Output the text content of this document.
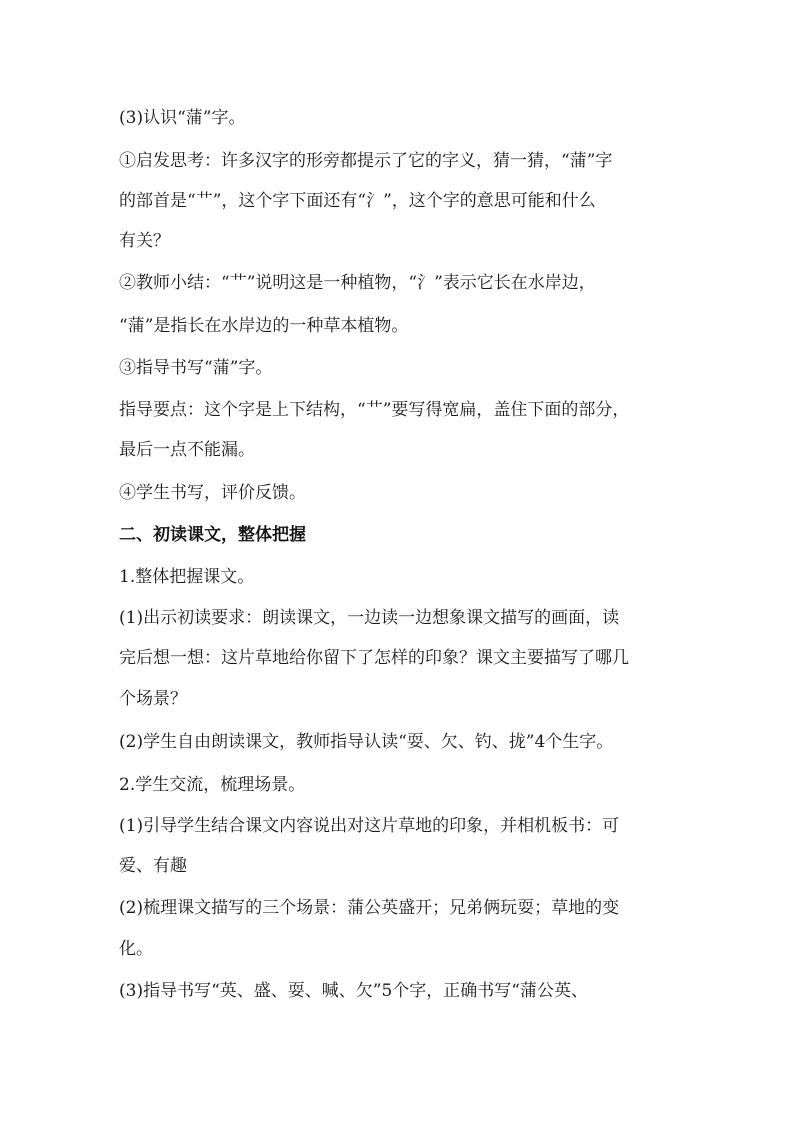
(3)认识“蒲”字。
①启发思考：许多汉字的形旁都提示了它的字义，猜一猜，“蒲”字
的部首是“艹”，这个字下面还有“氵”，这个字的意思可能和什么
有关？
②教师小结：“艹”说明这是一种植物，“氵”表示它长在水岸边，
“蒲”是指长在水岸边的一种草本植物。
③指导书写“蒲”字。
指导要点：这个字是上下结构，“艹”要写得宽扁，盖住下面的部分，
最后一点不能漏。
④学生书写，评价反馈。
二、初读课文，整体把握
1.整体把握课文。
(1)出示初读要求：朗读课文，一边读一边想象课文描写的画面，读
完后想一想：这片草地给你留下了怎样的印象？课文主要描写了哪几
个场景？
(2)学生自由朗读课文，教师指导认读“耍、欠、钓、拢”4个生字。
2.学生交流，梳理场景。
(1)引导学生结合课文内容说出对这片草地的印象，并相机板书：可
爱、有趣
(2)梳理课文描写的三个场景：蒲公英盛开；兄弟俩玩耍；草地的变
化。
(3)指导书写“英、盛、耍、喊、欠”5个字，正确书写“蒲公英、
